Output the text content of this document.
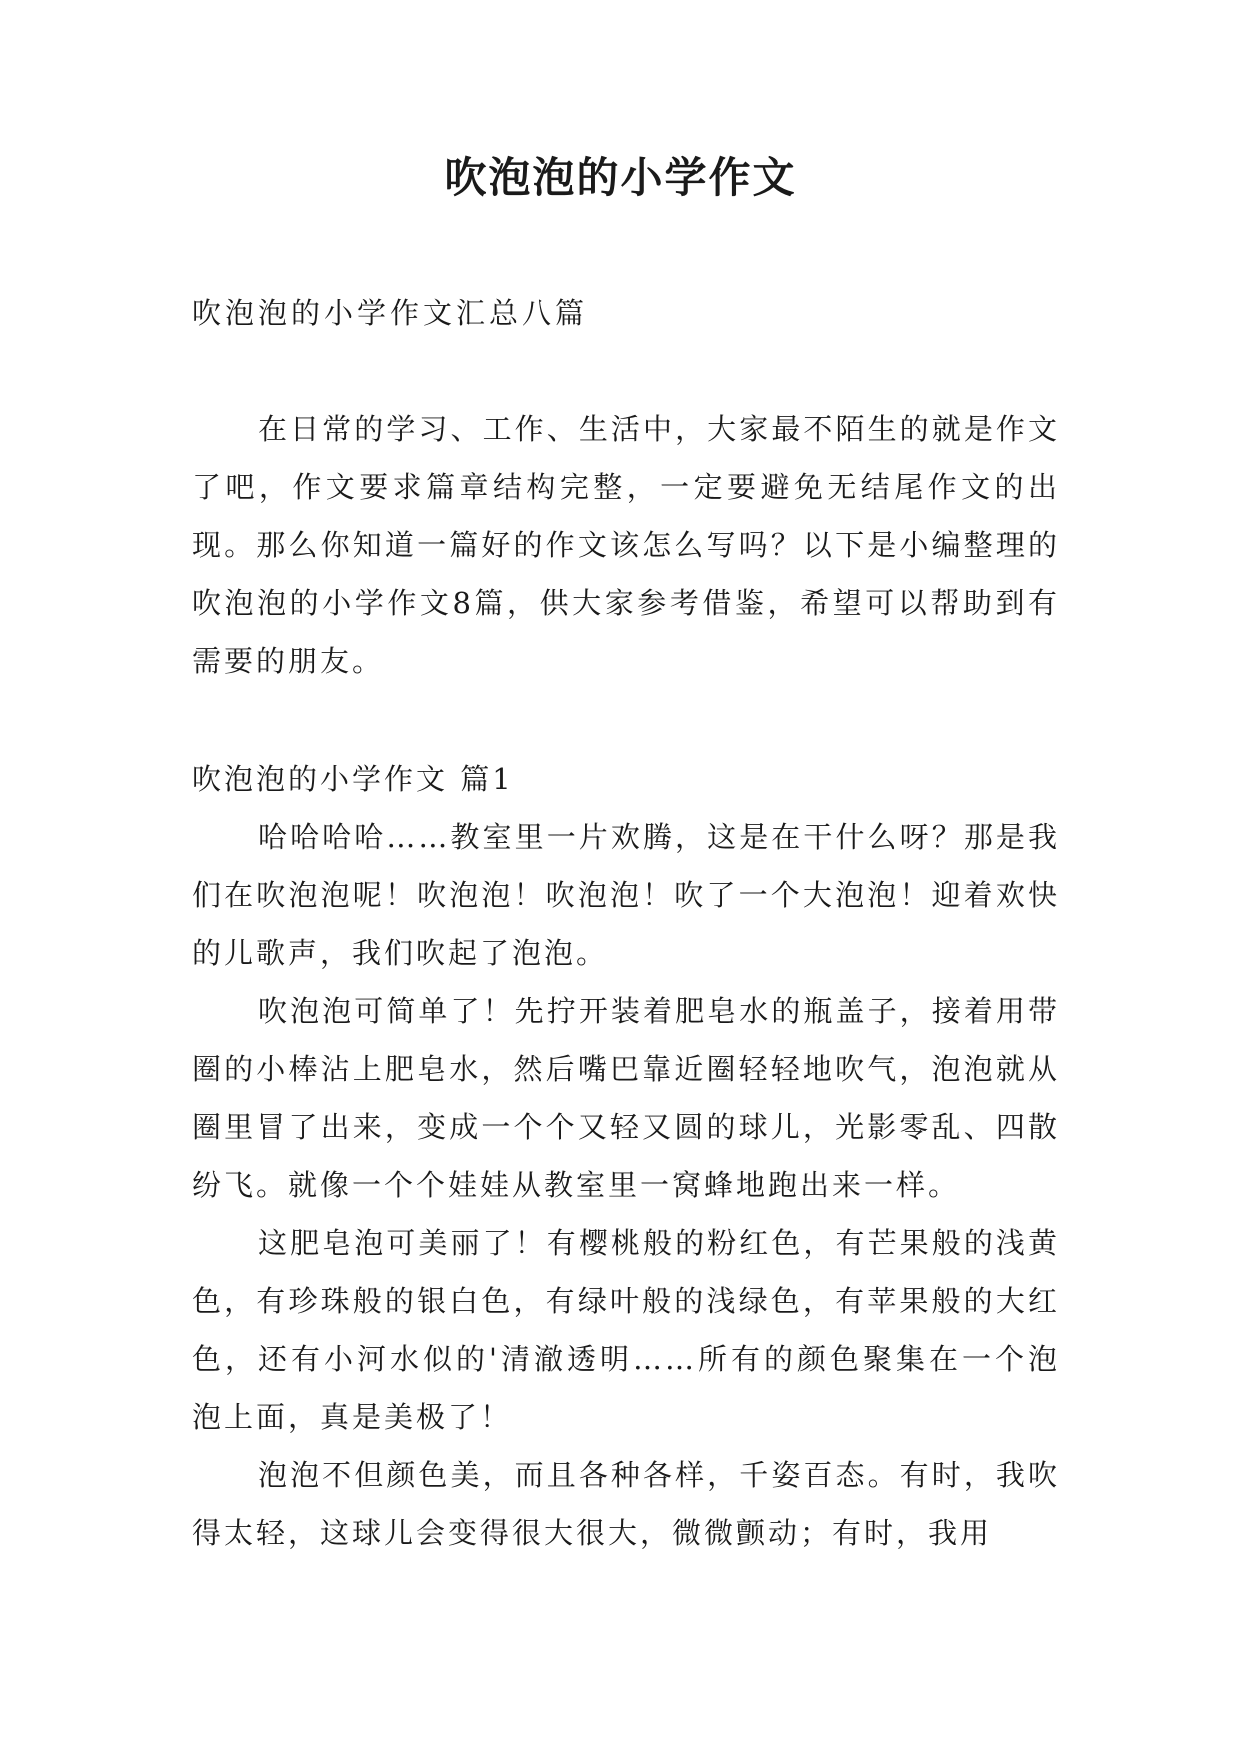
吹泡泡的小学作文
吹泡泡的小学作文汇总八篇

在日常的学习、工作、生活中，大家最不陌生的就是作文了吧，作文要求篇章结构完整，一定要避免无结尾作文的出现。那么你知道一篇好的作文该怎么写吗？以下是小编整理的吹泡泡的小学作文8篇，供大家参考借鉴，希望可以帮助到有需要的朋友。

吹泡泡的小学作文 篇1

哈哈哈哈……教室里一片欢腾，这是在干什么呀？那是我们在吹泡泡呢！吹泡泡！吹泡泡！吹了一个大泡泡！迎着欢快的儿歌声，我们吹起了泡泡。

吹泡泡可简单了！先拧开装着肥皂水的瓶盖子，接着用带圈的小棒沾上肥皂水，然后嘴巴靠近圈轻轻地吹气，泡泡就从圈里冒了出来，变成一个个又轻又圆的球儿，光影零乱、四散纷飞。就像一个个娃娃从教室里一窝蜂地跑出来一样。

这肥皂泡可美丽了！有樱桃般的粉红色，有芒果般的浅黄色，有珍珠般的银白色，有绿叶般的浅绿色，有苹果般的大红色，还有小河水似的'清澈透明……所有的颜色聚集在一个泡泡上面，真是美极了！

泡泡不但颜色美，而且各种各样，千姿百态。有时，我吹得太轻，这球儿会变得很大很大，微微颤动；有时，我用
